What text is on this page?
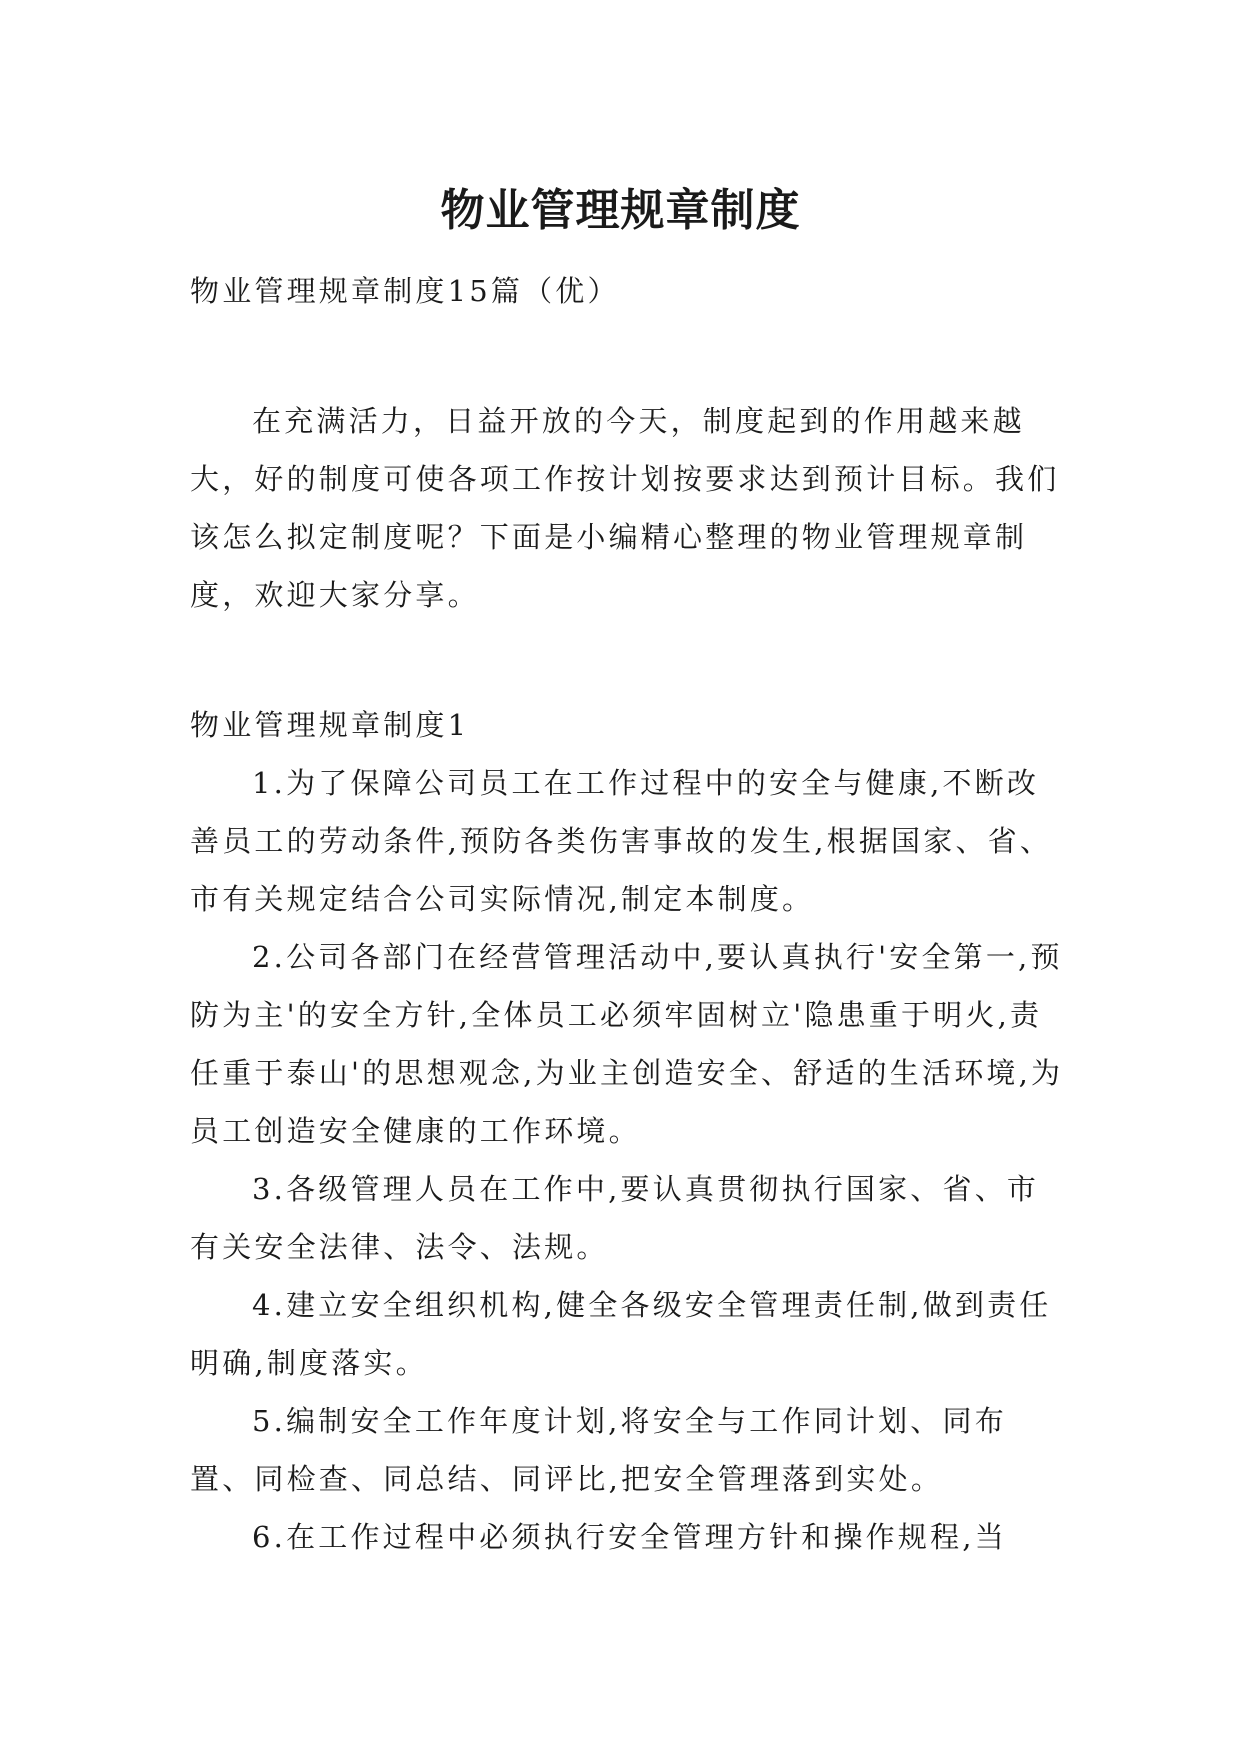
物业管理规章制度

物业管理规章制度15篇（优）

在充满活力，日益开放的今天，制度起到的作用越来越大，好的制度可使各项工作按计划按要求达到预计目标。我们该怎么拟定制度呢？下面是小编精心整理的物业管理规章制度，欢迎大家分享。

物业管理规章制度1

1.为了保障公司员工在工作过程中的安全与健康,不断改善员工的劳动条件,预防各类伤害事故的发生,根据国家、省、市有关规定结合公司实际情况,制定本制度。

2.公司各部门在经营管理活动中,要认真执行'安全第一,预防为主'的安全方针,全体员工必须牢固树立'隐患重于明火,责任重于泰山'的思想观念,为业主创造安全、舒适的生活环境,为员工创造安全健康的工作环境。

3.各级管理人员在工作中,要认真贯彻执行国家、省、市有关安全法律、法令、法规。

4.建立安全组织机构,健全各级安全管理责任制,做到责任明确,制度落实。

5.编制安全工作年度计划,将安全与工作同计划、同布置、同检查、同总结、同评比,把安全管理落到实处。

6.在工作过程中必须执行安全管理方针和操作规程,当
